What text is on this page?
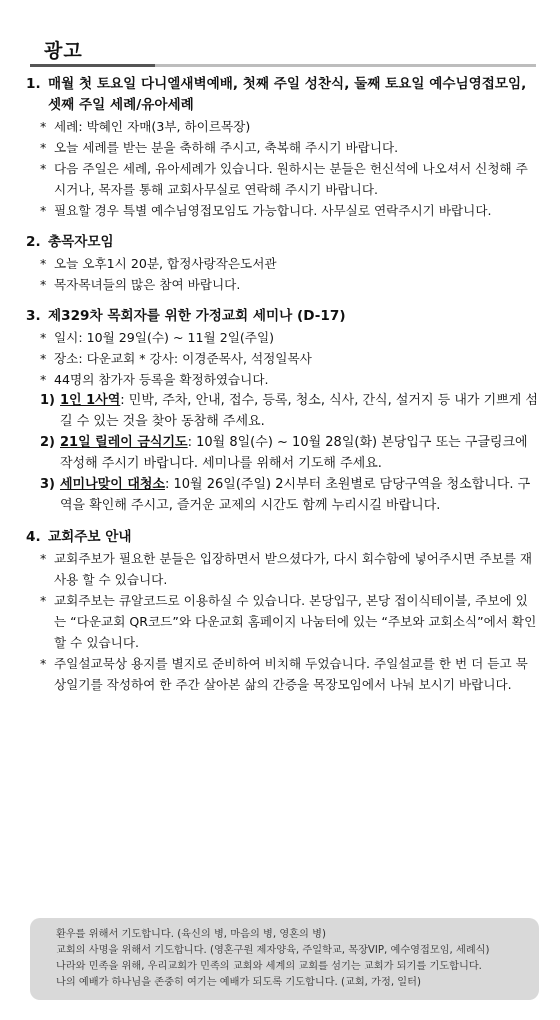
광고
1. 매월 첫 토요일 다니엘새벽예배, 첫째 주일 성찬식, 둘째 토요일 예수님영접모임, 셋째 주일 세례/유아세례
* 세례: 박혜인 자매(3부, 하이르목장)
* 오늘 세례를 받는 분을 축하해 주시고, 축복해 주시기 바랍니다.
* 다음 주일은 세례, 유아세례가 있습니다. 원하시는 분들은 헌신석에 나오셔서 신청해 주시거나, 목자를 통해 교회사무실로 연락해 주시기 바랍니다.
* 필요할 경우 특별 예수님영접모임도 가능합니다. 사무실로 연락주시기 바랍니다.
2. 총목자모임
* 오늘 오후1시 20분, 합정사랑작은도서관
* 목자목녀들의 많은 참여 바랍니다.
3. 제329차 목회자를 위한 가정교회 세미나 (D-17)
* 일시: 10월 29일(수) ~ 11월 2일(주일)
* 장소: 다운교회 * 강사: 이경준목사, 석정일목사
* 44명의 참가자 등록을 확정하였습니다.
1) 1인 1사역: 민박, 주차, 안내, 접수, 등록, 청소, 식사, 간식, 설거지 등 내가 기쁘게 섬길 수 있는 것을 찾아 동참해 주세요.
2) 21일 릴레이 금식기도: 10월 8일(수) ~ 10월 28일(화) 본당입구 또는 구글링크에 작성해 주시기 바랍니다. 세미나를 위해서 기도해 주세요.
3) 세미나맞이 대청소: 10월 26일(주일) 2시부터 초원별로 담당구역을 청소합니다. 구역을 확인해 주시고, 즐거운 교제의 시간도 함께 누리시길 바랍니다.
4. 교회주보 안내
* 교회주보가 필요한 분들은 입장하면서 받으셨다가, 다시 회수함에 넣어주시면 주보를 재사용 할 수 있습니다.
* 교회주보는 큐알코드로 이용하실 수 있습니다. 본당입구, 본당 접이식테이블, 주보에 있는 “다운교회 QR코드”와 다운교회 홈페이지 나눔터에 있는 “주보와 교회소식”에서 확인할 수 있습니다.
* 주일설교묵상 용지를 별지로 준비하여 비치해 두었습니다. 주일설교를 한 번 더 듣고 묵상일기를 작성하여 한 주간 살아본 삶의 간증을 목장모임에서 나눠 보시기 바랍니다.
환우를 위해서 기도합니다. (육신의 병, 마음의 병, 영혼의 병)
교회의 사명을 위해서 기도합니다. (영혼구원 제자양육, 주일학교, 목장VIP, 예수영접모임, 세례식)
나라와 민족을 위해, 우리교회가 민족의 교회와 세계의 교회를 섬기는 교회가 되기를 기도합니다.
나의 예배가 하나님을 존중히 여기는 예배가 되도록 기도합니다. (교회, 가정, 일터)
